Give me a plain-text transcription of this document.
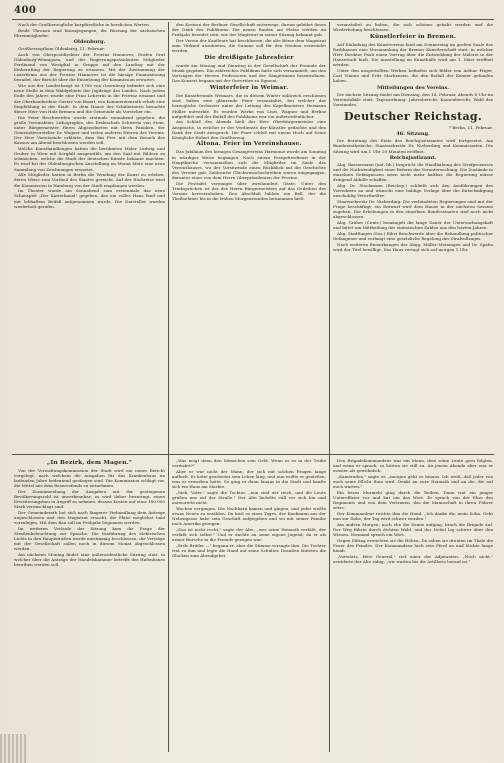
400

Nach der Großherzogliche kurpfürstliche in herzlichen Worten.

Beide Thronen sind hinzugegangen, die Rüstung der sächsischen Ehrenmitglieder.

Oldenburg.

Großherzogthum Oldenburg, 11. Februar.

Auch von Oberpostdirektor der Provinz Hannover, Grafen Graf Oldenburg-Wennigsen, und des Regierungspräsidenten Mitglieder Ferdinand von Westphal in Gruppe auf den Landtag mit der Einberufung der Regierung zu erinnern. Mit der Zustimmung der Lexerfirma aus der Provinz Hannover ist die hiesige Finanzsitzung beendet, der Bericht über die Einsetzung der Kommission erwartet.

Wie aus der Landeshaupt ist 1768 von Orsenberg befindet sich eine neue Stelle in dem Waldgebiete der Jagdzüge des Landes. Nach jedem Ende des Jahres wurde eine Frau Lehrerin in die Provinz ernannt und der Oberbaudirektor Gustav von Bonat, von Kommerzienrath erhält eine Empfehlung in der Stadt. In dem Hause der Schülerinnen besuchte dieser Herr von Holz Bremen und die Gemeinde als Vorsteher ein.

Die Feier Beschwerden wurde erstmals sonnabend gegeben: die große Vereinsfeier, Lithographie, des Erzbischofs Schwerin von Stein, unter Bürgermeister Herrn Abgeordneten mit ihren Familien, der Gemeindevorsteher Dr. Wagner und vielen anderen Herren des Vereins. Der Herr Vorsitzende erklärte, dass das Fest mit dem Besuch des Kaisers am Abend beschlossen werden soll.

Welche Kunsthandlungen hatten die berühmten Maler Ludwig und Gruber in Wien mit Sorgfalt ausgewählt, um den Saal mit Bildern zu schmücken, welche die Stadt der deutschen Künste bekannt machten. Es wird bei der Oldenburgischen Ausstellung im Monat März eine neue Sammlung von Zeichnungen erwartet.

Alle Mitglieder hatten in Berlin die Wendung der Kunst zu erleben, deren Weise zum Vortheil des Staates gereicht. Auf der Rückreise wird die Kommission in Hamburg von der Stadt empfangen werden.

Im Theater wurde am Sonnabend zum erstenmale das neue Schauspiel „Der Kaiserkanal" gegeben, das ein volles Haus fand und mit lebhaftem Beifall aufgenommen wurde. Die Darsteller wurden wiederholt gerufen.

den Kreisen der Berliner Gesellschaft unterwegs, darum gebührt ihnen der Dank des Publikums. Die neuen Bauten am Platze werden im Frühjahr beendet sein, wie der Magistrat in seiner Sitzung bekannt gab.

Der Verein der Kaufleute hat beschlossen, die alte Börse dem Magistrat zum Verkauf anzubieten, die Summe soll für den Neubau verwendet werden.

Die dreißigste Jahresfeier

wurde am Montag und Dienstag in der Gesellschaft der Freunde der Musik gegeben. Ein zahlreiches Publikum hatte sich versammelt, um den Vorträgen der Herren Professoren und der Sängerinnen beizuwohnen. Das Konzert begann mit der Ouvertüre zu Egmont.

Winterfeier in Weimar.

Die Kunstfreunde Weimars, die in diesem Winter zahlreich erschienen sind, haben eine glänzende Feier veranstaltet, bei welcher das herzogliche Orchester unter der Leitung des Kapellmeisters Hermann Müller mitwirkte. Es wurden Werke von Liszt, Wagner und Berlioz aufgeführt und der Beifall des Publikums war ein außerordentlicher.

Am Schluß des Abends hielt der Herr Oberbürgermeister eine Ansprache, in welcher er der Verdienste der Künstler gedachte und den Dank der Stadt aussprach. Die Feier schloß mit einem Hoch auf Seine Königliche Hoheit den Großherzog.

Altona. Feier im Vereinshause.

Das Jubiläum des hiesigen Gesangvereins Harmonie wurde am Sonntag in würdiger Weise begangen. Nach einem Festgottesdienst in der Hauptkirche versammelten sich die Mitglieder im Saale des Vereinshauses, wo der Vorsitzende einen Rückblick auf die Geschichte des Vereins gab. Zahlreiche Glückwunschschreiben waren eingegangen, darunter eines von dem Herrn Oberpräsidenten der Provinz.

Die Festtafel vereinigte über zweihundert Gäste. Unter den Trinksprüchen ist der des Herrn Bürgermeisters auf das Gedeihen des Vereins hervorzuheben. Den Abschluß bildete ein Ball, der die Theilnehmer bis in die frühen Morgenstunden beisammen hielt.

veranstaltet zu haben, die sich schönes gehabt werden und die Wiederholung beschlossen.

Künstlerfeier in Bremen.

Auf Einladung des Kunstvereins fand am Donnerstag im großen Saale des Rathhauses eine Versammlung der Bremer Künstlerschaft statt, in welcher Herr Direktor Pauli einen Vortrag über die Entwicklung der Malerei in der Hansestadt hielt. Die Ausstellung im Kunsthalle wird am 1. März eröffnet werden.

Unter den ausgestellten Werken befinden sich Bilder von Arthur Fitger, Carl Vinnen und Fritz Mackensen, die den Beifall der Kenner gefunden haben.

Mitteilungen des Vereins.

Die nächste Sitzung findet am Dienstag, den 14. Februar, Abends 8 Uhr im Vereinslokale statt. Tagesordnung: Jahresbericht, Kassenbericht, Wahl des Vorstandes.

Deutscher Reichstag.
* Berlin, 11. Februar.
46. Sitzung.

Die Beratung des Etats des Reichsjustizamtes wird fortgesetzt. Am Bundesrathstische: Staatssekretär Dr. Nieberding und Kommissarien. Die Sitzung wird um 1 Uhr 20 Minuten eröffnet.

Reichsjustizamt.

Abg. Bassermann (nat.-lib.) bespricht die Handhabung des Strafprozesses und die Nothwendigkeit einer Reform der Voruntersuchung. Die Zustände in einzelnen Gefängnissen seien nicht mehr haltbar, die Regierung müsse dringend Abhilfe schaffen.

Abg. Dr. Stockmann (Reichsp.) schließt sich den Ausführungen des Vorredners an und wünscht eine baldige Vorlage über die Entschädigung unschuldig Verurtheilter.

Staatssekretär Dr. Nieberding: Die verbündeten Regierungen sind mit der Frage beschäftigt; ein Entwurf wird dem Hause in der nächsten Session zugehen. Die Erhebungen in den einzelnen Bundesstaaten sind noch nicht abgeschlossen.

Abg. Gröber (Centr.) bemängelt die lange Dauer der Untersuchungshaft und bittet um Mittheilung der statistischen Zahlen aus den letzten Jahren.

Abg. Stadthagen (Soz.) führt Beschwerde über die Behandlung politischer Gefangener und verlangt eine gesetzliche Regelung des Strafvollzuges.

Nach weiteren Bemerkungen der Abgg. Müller-Meiningen und Dr. Spahn wird der Titel bewilligt. Das Haus vertagt sich auf morgen 1 Uhr.

„In Bezirk, dem Magen."

Von der Verwaltungskommission der Stadt wird ein neuer Bericht vorgelegt, nach welchem die Ausgaben für das Krankenhaus im laufenden Jahre bedeutend gestiegen sind. Die Kommission schlägt vor, die Mittel aus dem Reservefonds zu entnehmen.

Der Zusammenhang der Ausgaben mit der gestiegenen Bevölkerungszahl ist unverkennbar; es wird daher beantragt, einen Erweiterungsbau in Angriff zu nehmen, dessen Kosten auf etwa 180 000 Mark veranschlagt sind.

Der Gemeinderath hat sich nach längerer Verhandlung dem Antrage angeschlossen und den Magistrat ersucht, die Pläne möglichst bald vorzulegen. Mit dem Bau soll im Frühjahr begonnen werden.

Im weiteren Verlaufe der Sitzung kam die Frage der Straßenbeleuchtung zur Sprache. Die Einführung des elektrischen Lichts in den Hauptstraßen wurde einstimmig beschlossen; die Verträge mit der Gesellschaft sollen noch in diesem Monat abgeschlossen werden.

Am nächsten Montag findet eine außerordentliche Sitzung statt, in welcher über die Anträge der Handelskammer betreffs des Hafenbaues berathen werden soll.

„Was mögt denn den Menschen sein Geld, Wenn er es in der Truhe verwahrt?"

Aber er war nicht der Mann, der sich mit solchen Fragen lange aufhielt. Er hatte gearbeitet sein Leben lang, und nun wollte er genießen, was er erworben hatte. So ging er denn hinaus in die Stadt und kaufte sich ein Haus am Markte.

„Sieh, Vater," sagte die Tochter, „nun sind wir reich, und die Leute grüßen uns auf der Straße." Der Alte lächelte still vor sich hin und antwortete nicht.

Wochen vergingen. Die Nachbarn kamen und gingen, und jeder wußte etwas Neues zu erzählen. Da hieß es eines Tages, der Kaufmann aus der Nebengasse habe sein Geschäft aufgegeben und sei mit seiner Familie nach Amerika gezogen.

„Das ist nicht recht," sagte der Alte, „wer seine Heimath verläßt, der verläßt sich selbst." Und er dachte an seine eigene Jugend, da er als armer Bursche in die Fremde gezogen war.

„Erde Brüder —" begann er, aber die Stimme versagte ihm. Die Tochter trat zu ihm und legte die Hand auf seine Schulter. Draußen läuteten die Glocken zum Abendgebet.

Den Brigadekommandeur war ein Mann, dem seine Leute gern folgten, und wenn er sprach, so hörten sie still zu. An jenem Abende aber war er ernster als gewöhnlich.

„Kameraden," sagte er, „morgen geht es hinaus. Ich weiß, daß jeder von euch seine Pflicht thun wird. Denkt an eure Heimath und an die, die auf euch warten."

Ein leises Murmeln ging durch die Reihen. Dann trat ein junger Unteroffizier vor und bat um das Wort. Er sprach von der Ehre des Regiments und von dem Vertrauen, das die Mannschaft in ihren Führer setze.

Der Kommandeur reichte ihm die Hand. „Ich danke dir, mein Sohn. Geht nun zur Ruhe; der Tag wird schwer werden."

Am andern Morgen, noch ehe die Sonne aufging, brach die Brigade auf. Der Weg führte durch dichten Wald, und der Nebel lag schwer über den Wiesen. Niemand sprach ein Wort.

Gegen Mittag erreichten sie die Höhen. Da sahen sie drunten im Thale die Feuer des Feindes. Der Kommandeur hielt sein Pferd an und blickte lange hinab.

„Vorwärts, Herr General," rief einer der Adjutanten. „Noch nicht," erwiderte der Alte ruhig, „wir warten bis die Artillerie herauf ist."
